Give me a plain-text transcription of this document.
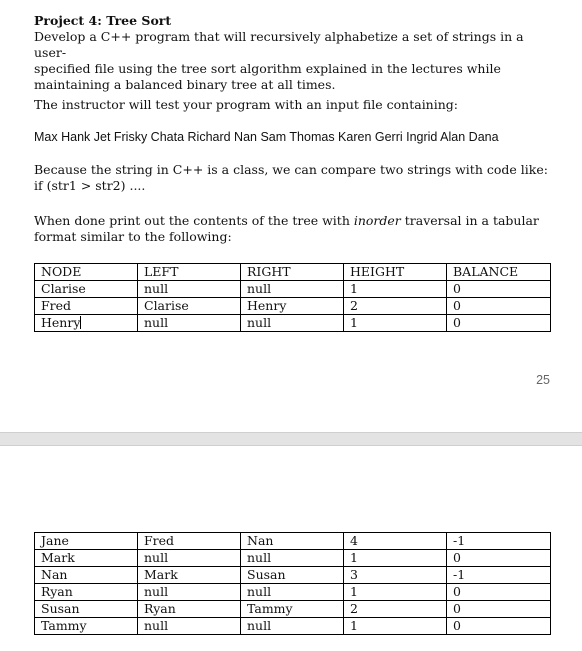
Project 4: Tree Sort
Develop a C++ program that will recursively alphabetize a set of strings in a user-
specified file using the tree sort algorithm explained in the lectures while
maintaining a balanced binary tree at all times.
The instructor will test your program with an input file containing:
Max Hank Jet Frisky Chata Richard Nan Sam Thomas Karen Gerri Ingrid Alan Dana
Because the string in C++ is a class, we can compare two strings with code like:
if (str1 > str2) ....
When done print out the contents of the tree with inorder traversal in a tabular
format similar to the following:
NODE	LEFT	RIGHT	HEIGHT	BALANCE
Clarise	null	null	1	0
Fred	Clarise	Henry	2	0
Henry	null	null	1	0
25
Jane	Fred	Nan	4	-1
Mark	null	null	1	0
Nan	Mark	Susan	3	-1
Ryan	null	null	1	0
Susan	Ryan	Tammy	2	0
Tammy	null	null	1	0
